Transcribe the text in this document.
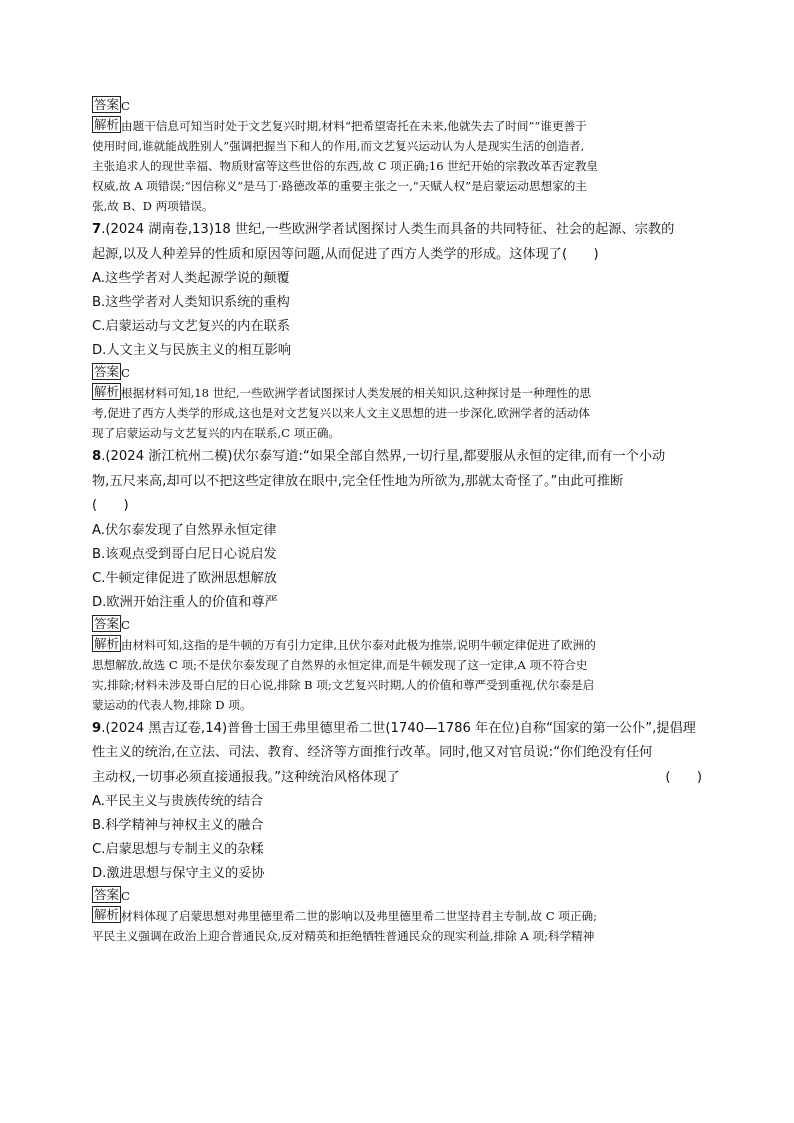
答案 C
解析 由题干信息可知当时处于文艺复兴时期,材料“把希望寄托在未来,他就失去了时间”“谁更善于
使用时间,谁就能战胜别人”强调把握当下和人的作用,而文艺复兴运动认为人是现实生活的创造者,
主张追求人的现世幸福、物质财富等这些世俗的东西,故 C 项正确;16 世纪开始的宗教改革否定教皇
权威,故 A 项错误;“因信称义”是马丁·路德改革的重要主张之一,“天赋人权”是启蒙运动思想家的主
张,故 B、D 两项错误。
7.(2024 湖南卷,13)18 世纪,一些欧洲学者试图探讨人类生而具备的共同特征、社会的起源、宗教的
起源,以及人种差异的性质和原因等问题,从而促进了西方人类学的形成。这体现了(　　)
A.这些学者对人类起源学说的颠覆
B.这些学者对人类知识系统的重构
C.启蒙运动与文艺复兴的内在联系
D.人文主义与民族主义的相互影响
答案 C
解析 根据材料可知,18 世纪,一些欧洲学者试图探讨人类发展的相关知识,这种探讨是一种理性的思
考,促进了西方人类学的形成,这也是对文艺复兴以来人文主义思想的进一步深化,欧洲学者的活动体
现了启蒙运动与文艺复兴的内在联系,C 项正确。
8.(2024 浙江杭州二模)伏尔泰写道:“如果全部自然界,一切行星,都要服从永恒的定律,而有一个小动
物,五尺来高,却可以不把这些定律放在眼中,完全任性地为所欲为,那就太奇怪了。”由此可推断
(　　)
A.伏尔泰发现了自然界永恒定律
B.该观点受到哥白尼日心说启发
C.牛顿定律促进了欧洲思想解放
D.欧洲开始注重人的价值和尊严
答案 C
解析 由材料可知,这指的是牛顿的万有引力定律,且伏尔泰对此极为推崇,说明牛顿定律促进了欧洲的
思想解放,故选 C 项;不是伏尔泰发现了自然界的永恒定律,而是牛顿发现了这一定律,A 项不符合史
实,排除;材料未涉及哥白尼的日心说,排除 B 项;文艺复兴时期,人的价值和尊严受到重视,伏尔泰是启
蒙运动的代表人物,排除 D 项。
9.(2024 黑吉辽卷,14)普鲁士国王弗里德里希二世(1740—1786 年在位)自称“国家的第一公仆”,提倡理
性主义的统治,在立法、司法、教育、经济等方面推行改革。同时,他又对官员说:“你们绝没有任何
主动权,一切事必须直接通报我。”这种统治风格体现了	(　　)
A.平民主义与贵族传统的结合
B.科学精神与神权主义的融合
C.启蒙思想与专制主义的杂糅
D.激进思想与保守主义的妥协
答案 C
解析 材料体现了启蒙思想对弗里德里希二世的影响以及弗里德里希二世坚持君主专制,故 C 项正确;
平民主义强调在政治上迎合普通民众,反对精英和拒绝牺牲普通民众的现实利益,排除 A 项;科学精神
